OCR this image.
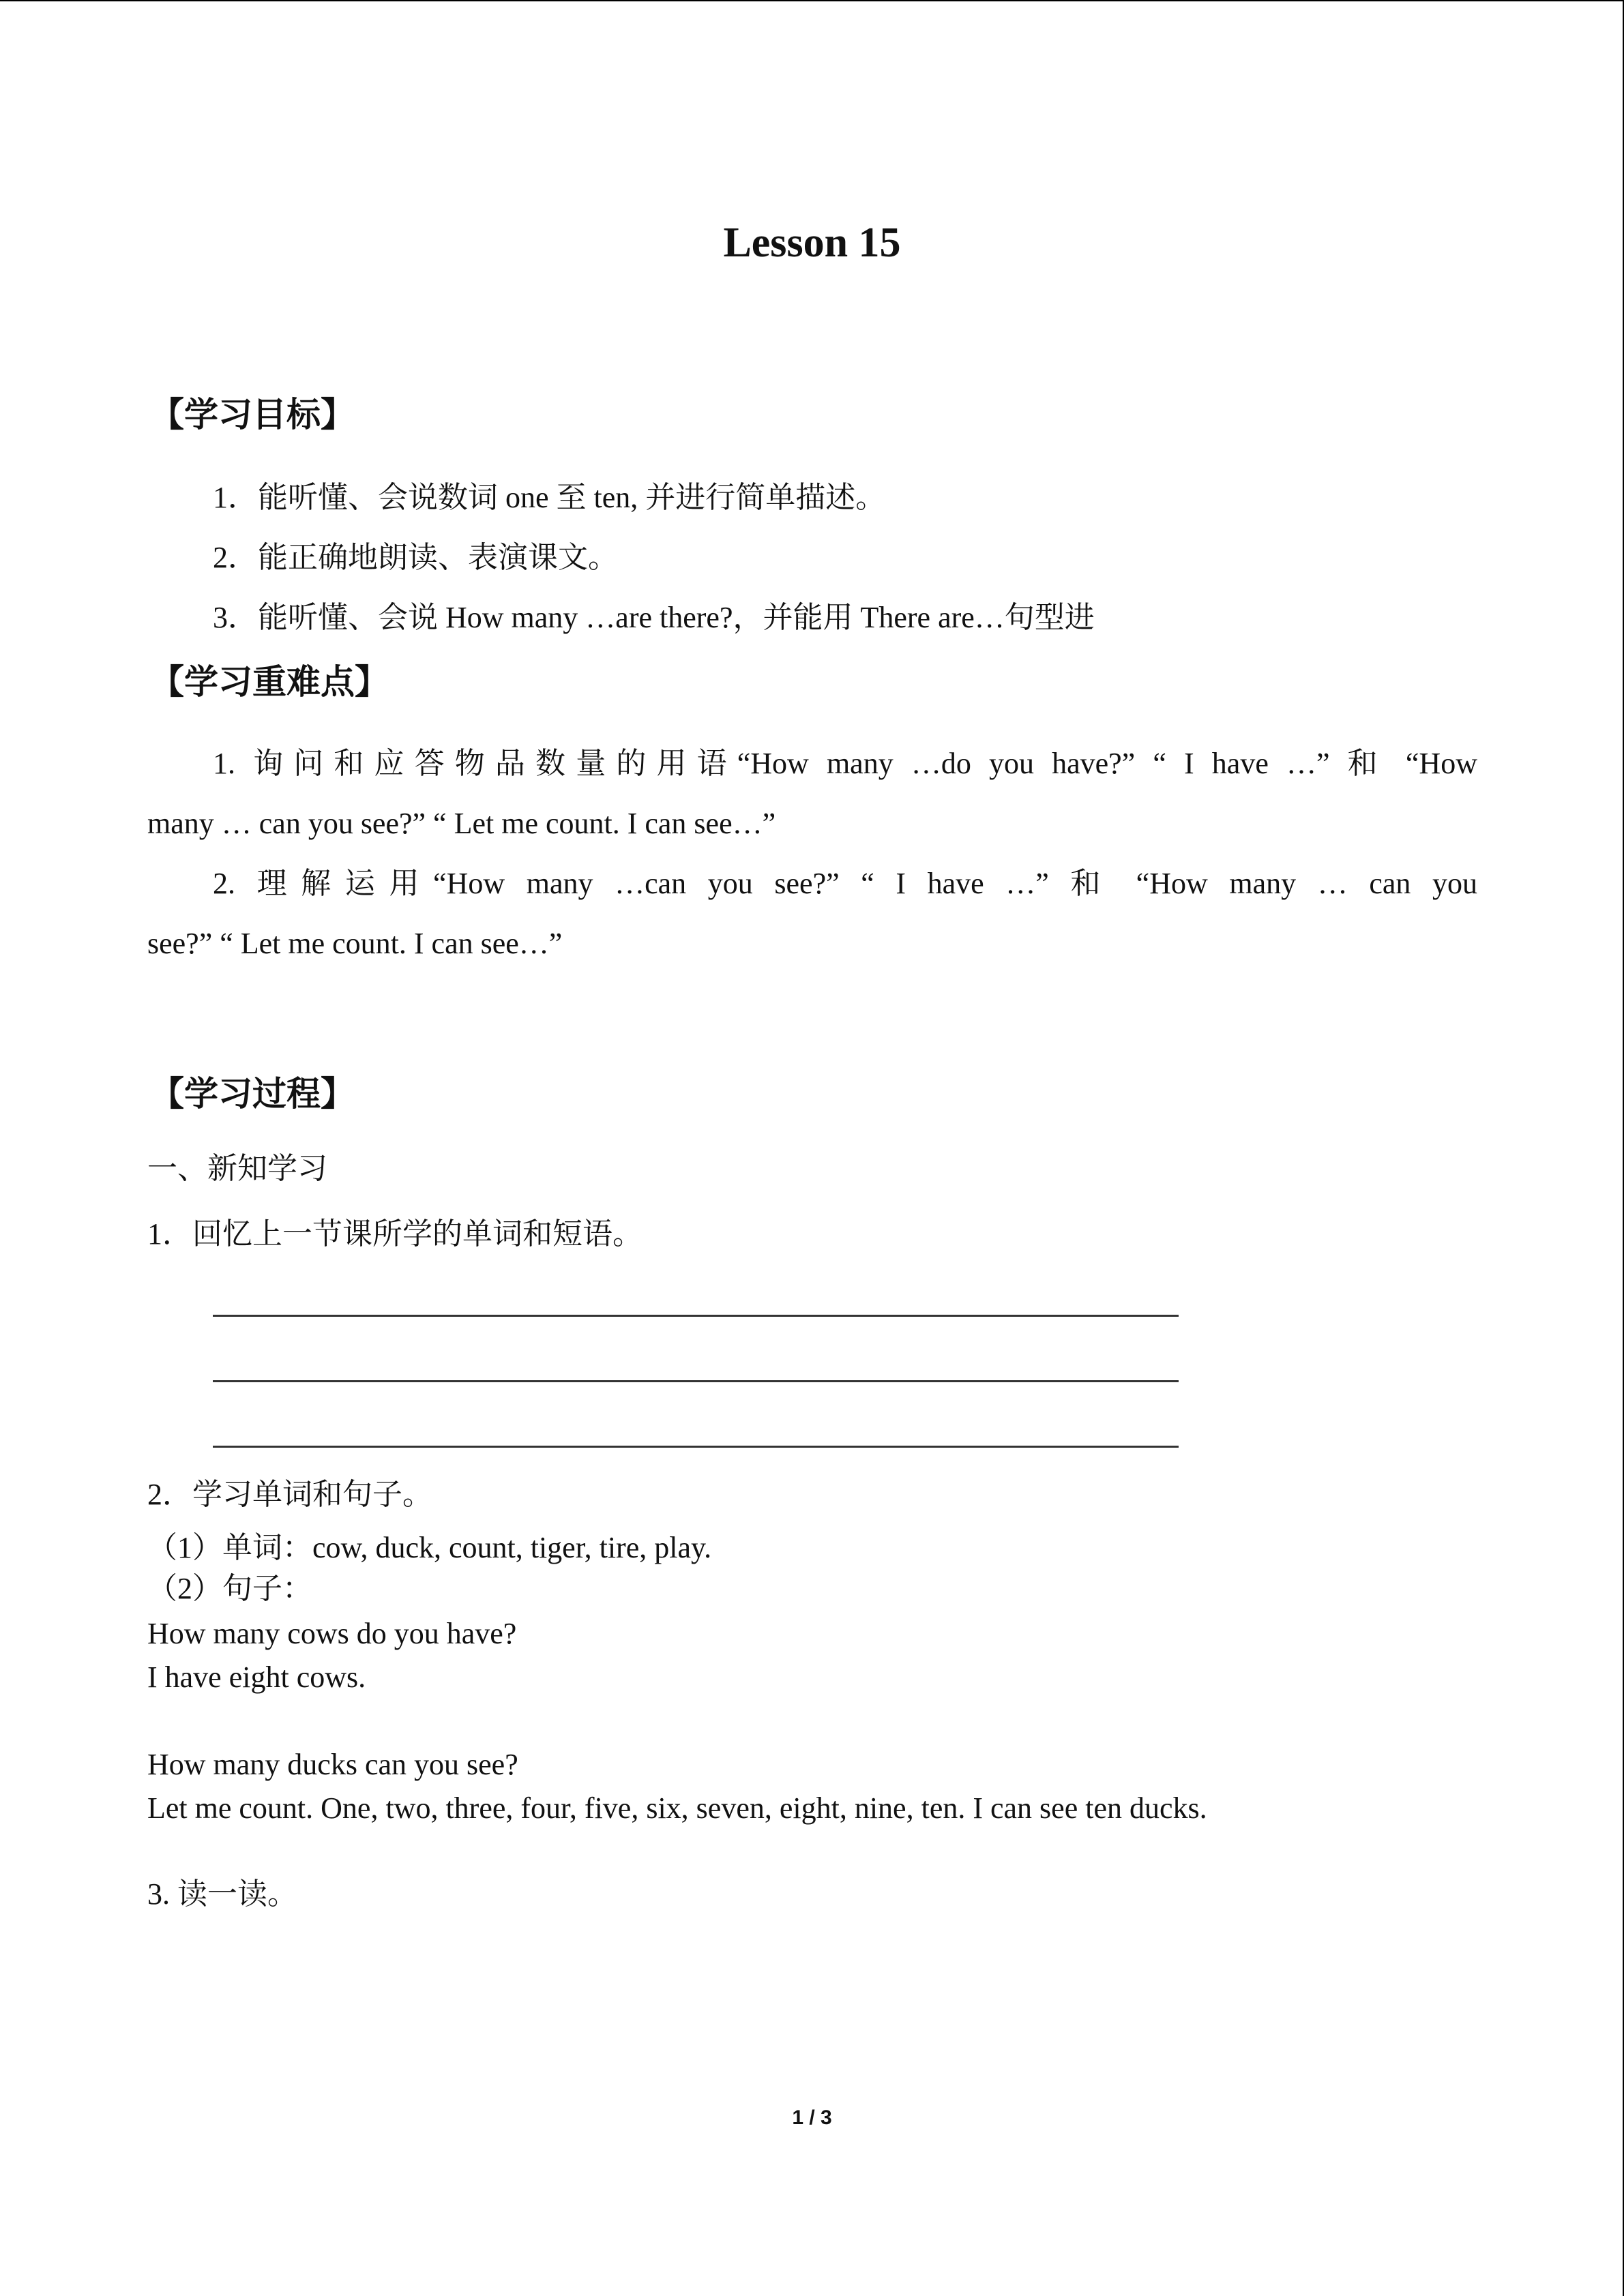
Lesson 15
【学习目标】
1．能听懂、会说数词 one 至 ten, 并进行简单描述。
2．能正确地朗读、表演课文。
3．能听懂、会说 How many …are there?，并能用 There are…句型进
【学习重难点】
1. 询问和应答物品数量的用语“How many …do you have?” “ I have …” 和 “How
many … can you see?” “ Let me count. I can see…”
2. 理解运用“How many …can you see?” “ I have …” 和 “How many … can you
see?” “ Let me count. I can see…”
【学习过程】
一、新知学习
1．回忆上一节课所学的单词和短语。
2．学习单词和句子。
（1）单词：cow, duck, count, tiger, tire, play.
（2）句子：
How many cows do you have?
I have eight cows.
How many ducks can you see?
Let me count. One, two, three, four, five, six, seven, eight, nine, ten. I can see ten ducks.
3. 读一读。
1 / 3
